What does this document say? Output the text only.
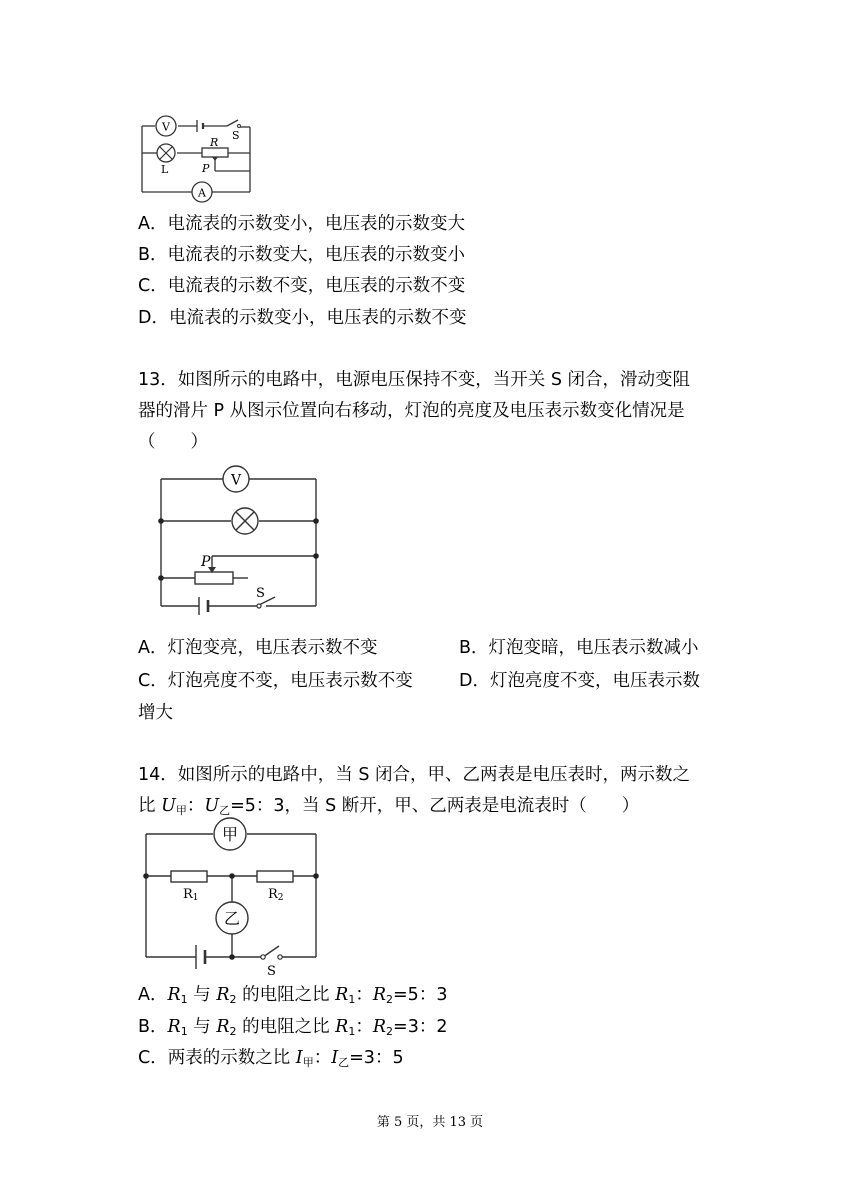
V
A
S
R
L	P
A．电流表的示数变小，电压表的示数变大
B．电流表的示数变大，电压表的示数变小
C．电流表的示数不变，电压表的示数不变
D．电流表的示数变小，电压表的示数不变
13．如图所示的电路中，电源电压保持不变，当开关 S 闭合，滑动变阻
器的滑片 P 从图示位置向右移动，灯泡的亮度及电压表示数变化情况是
（　　）
V
P
S
A．灯泡变亮，电压表示数不变	B．灯泡变暗，电压表示数减小
C．灯泡亮度不变，电压表示数不变	D．灯泡亮度不变，电压表示数
增大
14．如图所示的电路中，当 S 闭合，甲、乙两表是电压表时，两示数之
比 $U_甲$：$U_乙=5$：3，当 S 断开，甲、乙两表是电流表时（　　）
甲
R1	R2
乙
S
A．$R_1$ 与 $R_2$ 的电阻之比 $R_1$：$R_2=5$：3
B．$R_1$ 与 $R_2$ 的电阻之比 $R_1$：$R_2=3$：2
C．两表的示数之比 $I_甲$：$I_乙=3$：5
第 5 页，共 13 页
